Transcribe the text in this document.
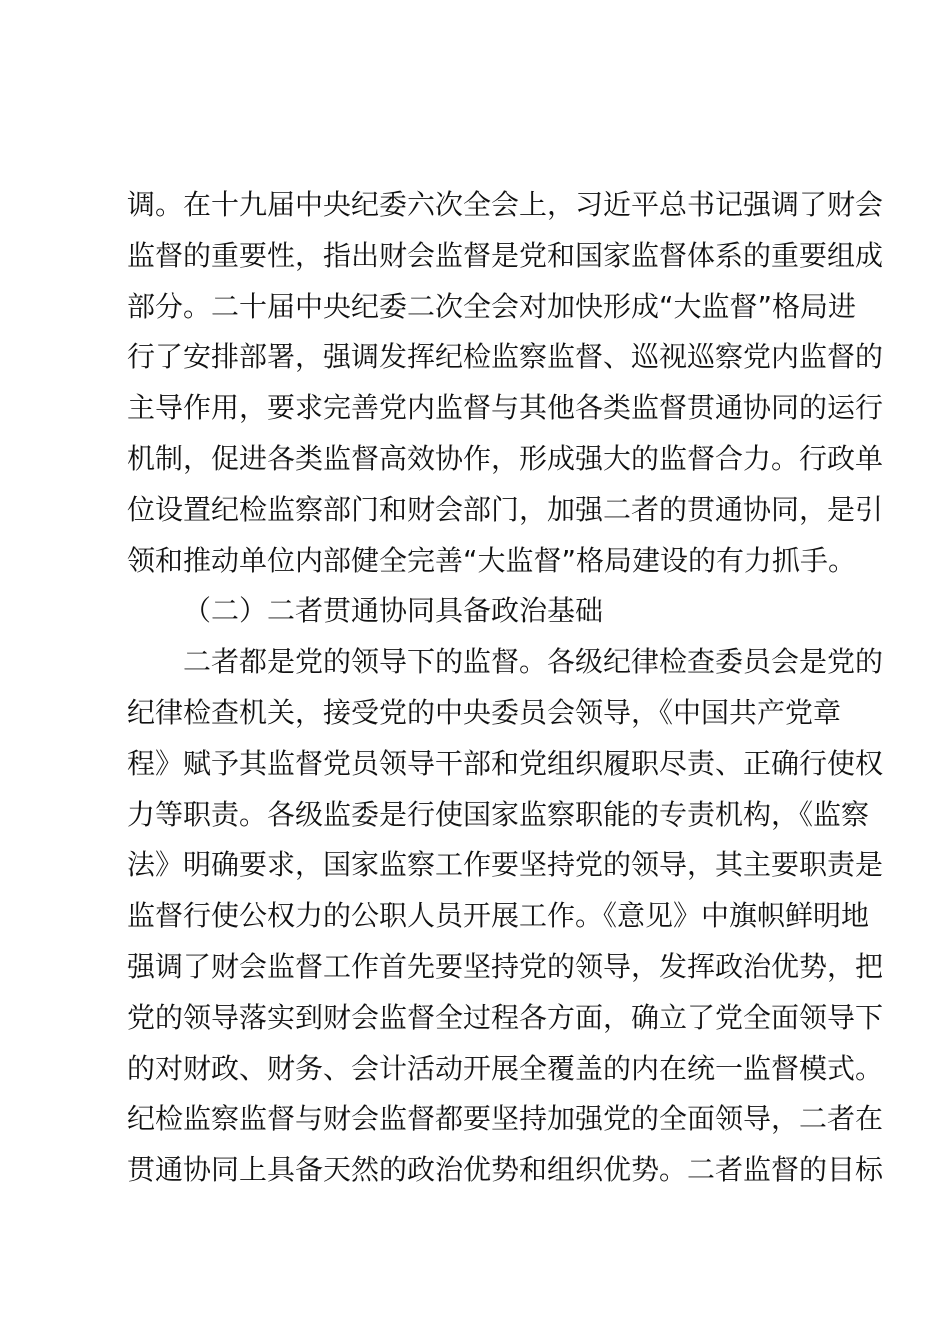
调。在十九届中央纪委六次全会上，习近平总书记强调了财会
监督的重要性，指出财会监督是党和国家监督体系的重要组成
部分。二十届中央纪委二次全会对加快形成“大监督”格局进
行了安排部署，强调发挥纪检监察监督、巡视巡察党内监督的
主导作用，要求完善党内监督与其他各类监督贯通协同的运行
机制，促进各类监督高效协作，形成强大的监督合力。行政单
位设置纪检监察部门和财会部门，加强二者的贯通协同，是引
领和推动单位内部健全完善“大监督”格局建设的有力抓手。
（二）二者贯通协同具备政治基础
二者都是党的领导下的监督。各级纪律检查委员会是党的
纪律检查机关，接受党的中央委员会领导，《中国共产党章
程》赋予其监督党员领导干部和党组织履职尽责、正确行使权
力等职责。各级监委是行使国家监察职能的专责机构，《监察
法》明确要求，国家监察工作要坚持党的领导，其主要职责是
监督行使公权力的公职人员开展工作。《意见》中旗帜鲜明地
强调了财会监督工作首先要坚持党的领导，发挥政治优势，把
党的领导落实到财会监督全过程各方面，确立了党全面领导下
的对财政、财务、会计活动开展全覆盖的内在统一监督模式。
纪检监察监督与财会监督都要坚持加强党的全面领导，二者在
贯通协同上具备天然的政治优势和组织优势。二者监督的目标
